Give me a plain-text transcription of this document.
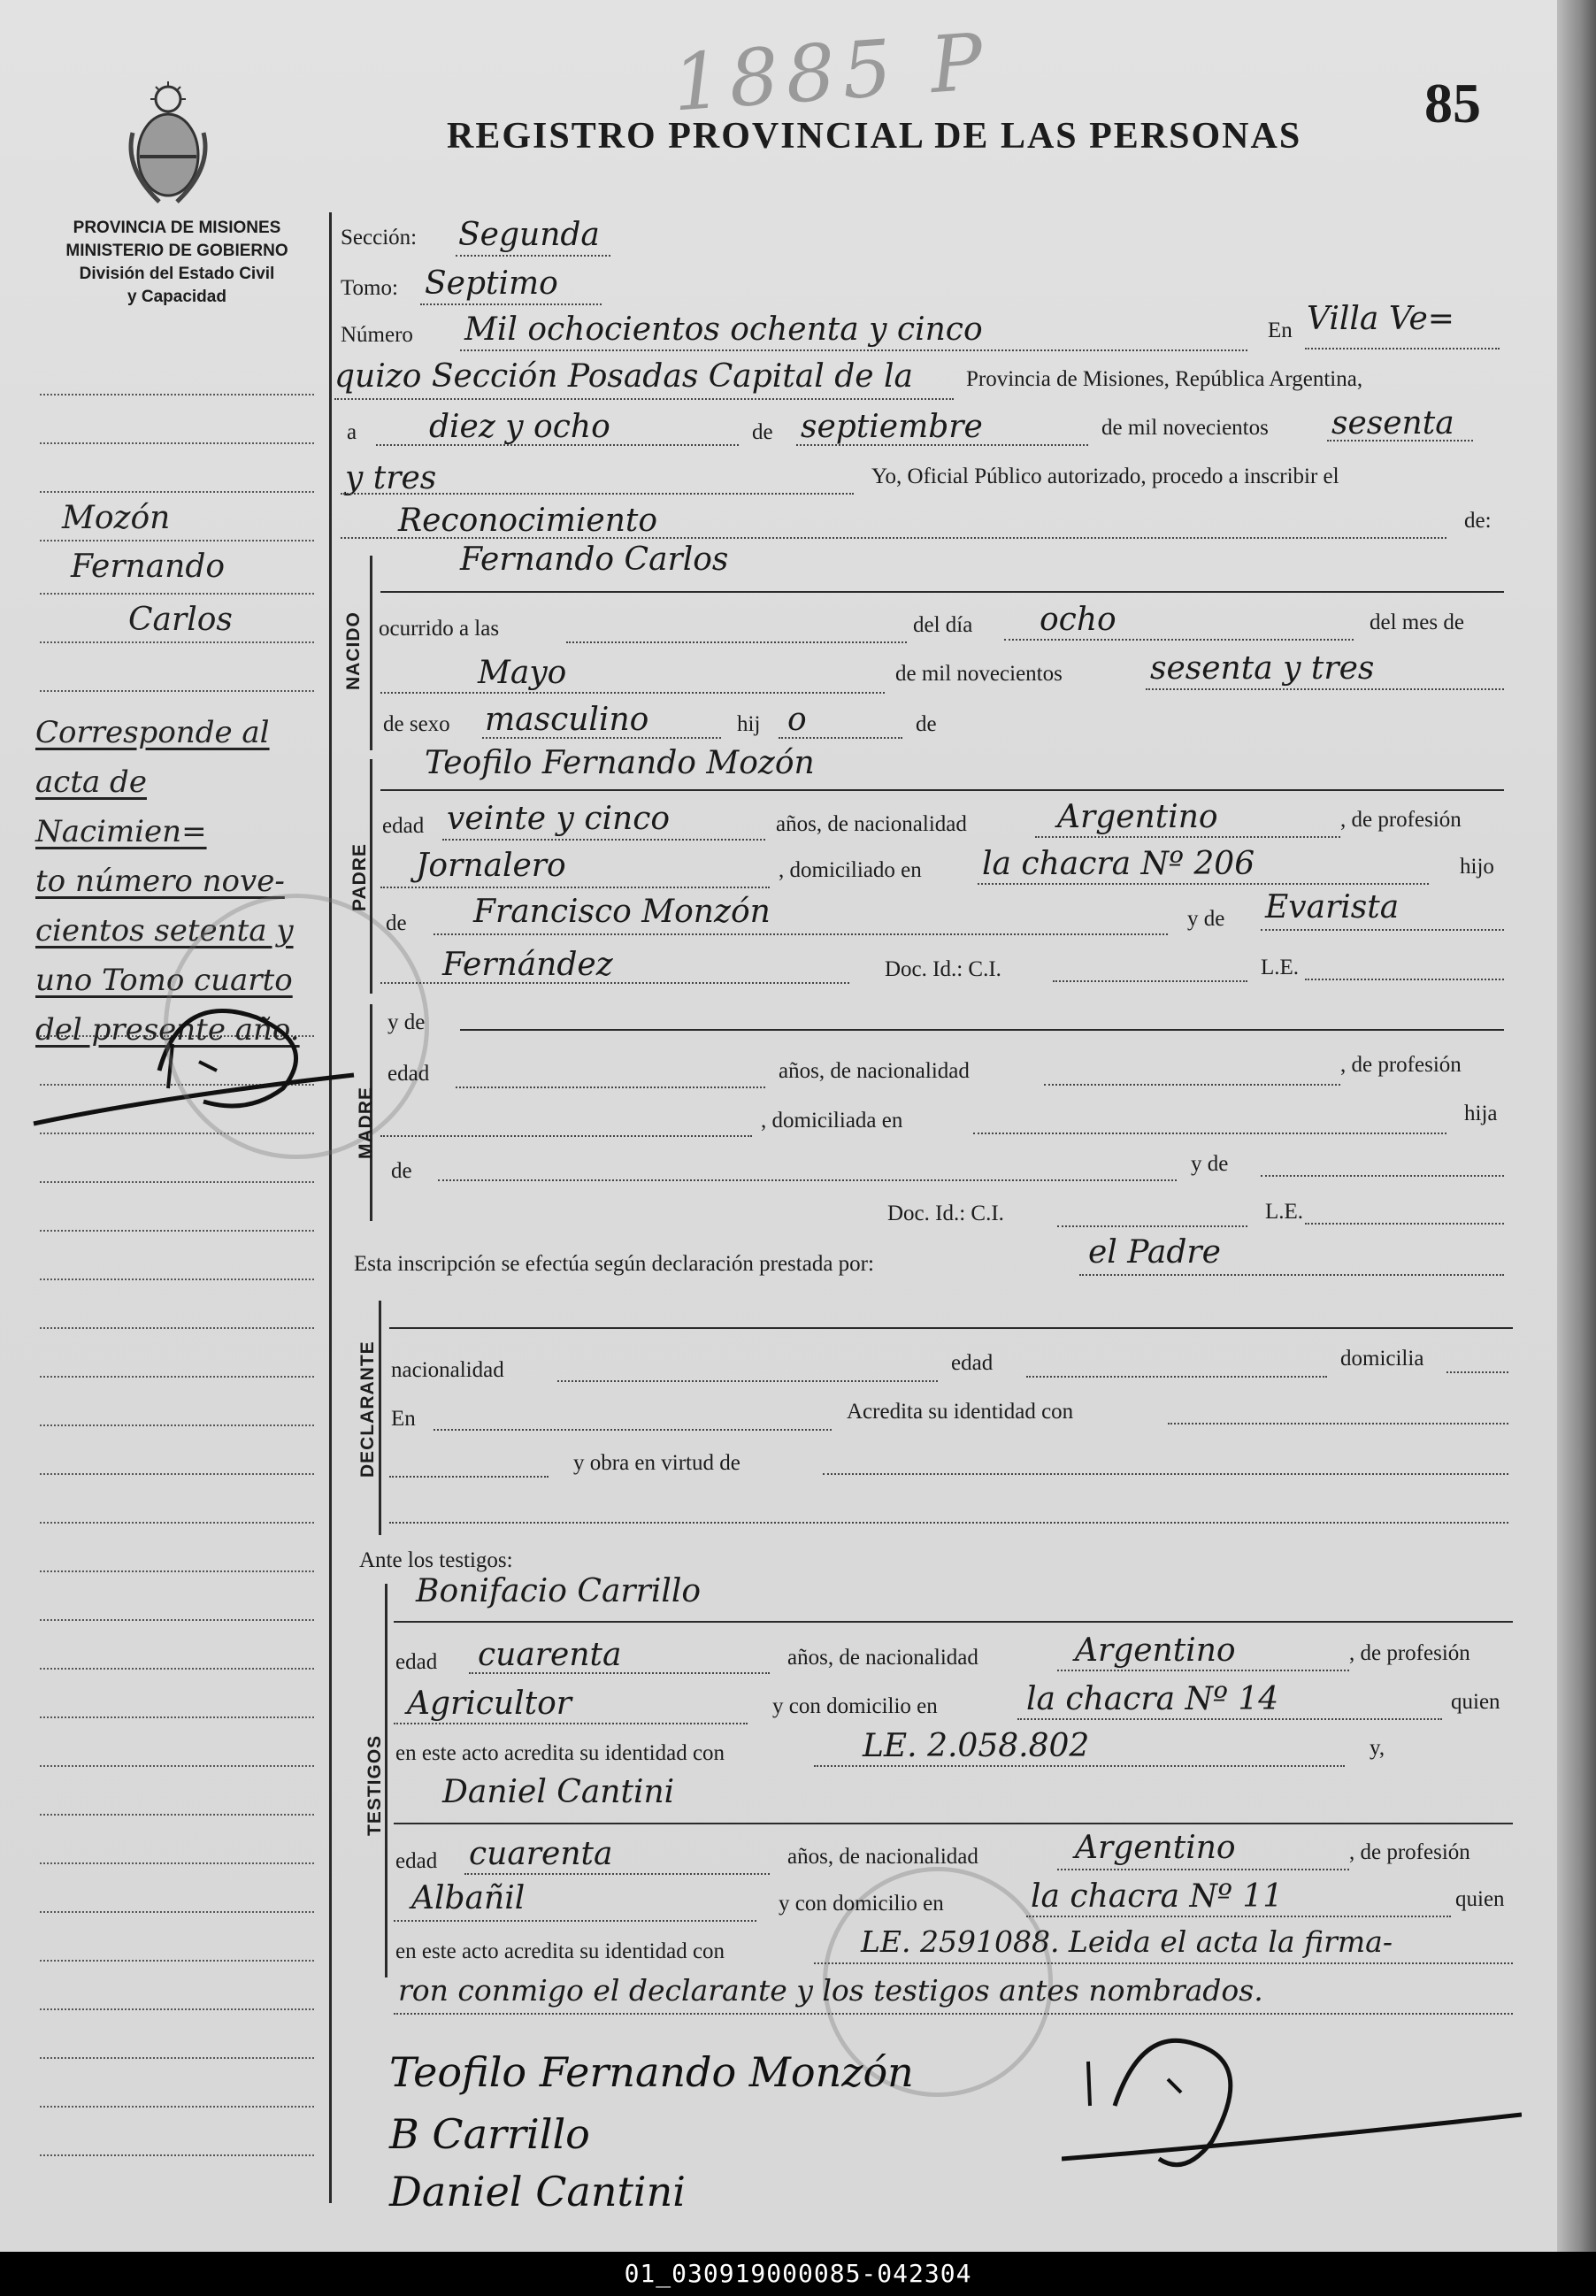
1885 P
REGISTRO PROVINCIAL DE LAS PERSONAS
85
PROVINCIA DE MISIONES
MINISTERIO DE GOBIERNO
División del Estado Civil
y Capacidad
Mozón
Fernando
Carlos
Corresponde al
acta de Nacimien=
to número nove-
cientos setenta y
uno Tomo cuarto
del presente año.
Sección: Segunda
Tomo: Septimo
Número Mil ochocientos ochenta y cinco	En Villa Ve=
quizo Sección Posadas Capital de la Provincia de Misiones, República Argentina,
a diez y ocho	de septiembre	de mil novecientos sesenta
y tres	Yo, Oficial Público autorizado, procedo a inscribir el
Reconocimiento	de:
NACIDO
Fernando Carlos
ocurrido a las	del día ocho	del mes de
Mayo	de mil novecientos	sesenta y tres
de sexo masculino	hij o	de
PADRE
Teofilo Fernando Mozón
edad veinte y cinco	años, de nacionalidad	Argentino	, de profesión
Jornalero	, domiciliado en la chacra Nº 206	hijo
de Francisco Monzón	y de Evarista
Fernández	Doc. Id.: C.I.	L.E.
MADRE
y de
edad	años, de nacionalidad	, de profesión
, domiciliada en	hija
de	y de
Doc. Id.: C.I.	L.E.
Esta inscripción se efectúa según declaración prestada por:	el Padre
DECLARANTE nacionalidad	edad	domicilia
En	Acredita su identidad con
y obra en virtud de
Ante los testigos:
TESTIGOS
Bonifacio Carrillo
edad cuarenta	años, de nacionalidad	Argentino	, de profesión
Agricultor	y con domicilio en	la chacra Nº 14	quien
en este acto acredita su identidad con	LE. 2.058.802	y,
Daniel Cantini
edad cuarenta	años, de nacionalidad	Argentino	, de profesión
Albañil	y con domicilio en	la chacra Nº 11	quien
en este acto acredita su identidad con	LE. 2591088. Leida el acta la firma-
ron conmigo el declarante y los testigos antes nombrados.
Teofilo Fernando Monzón
B Carrillo
Daniel Cantini
01_030919000085-042304
